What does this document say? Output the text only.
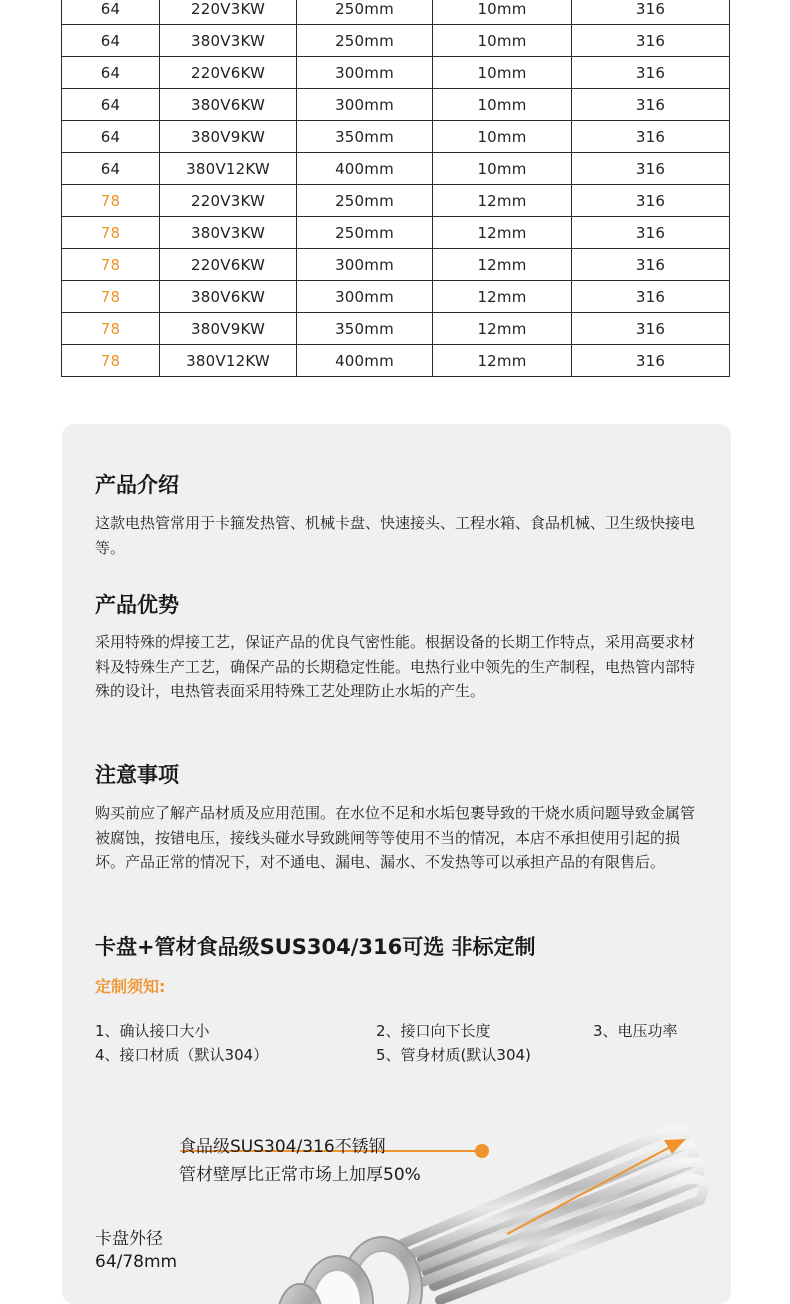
64	220V3KW	250mm	10mm	316
64	380V3KW	250mm	10mm	316
64	220V6KW	300mm	10mm	316
64	380V6KW	300mm	10mm	316
64	380V9KW	350mm	10mm	316
64	380V12KW	400mm	10mm	316
78	220V3KW	250mm	12mm	316
78	380V3KW	250mm	12mm	316
78	220V6KW	300mm	12mm	316
78	380V6KW	300mm	12mm	316
78	380V9KW	350mm	12mm	316
78	380V12KW	400mm	12mm	316
产品介绍

这款电热管常用于卡箍发热管、机械卡盘、快速接头、工程水箱、食品机械、卫生级快接电等。

产品优势

采用特殊的焊接工艺，保证产品的优良气密性能。根据设备的长期工作特点，采用高要求材料及特殊生产工艺，确保产品的长期稳定性能。电热行业中领先的生产制程，电热管内部特殊的设计，电热管表面采用特殊工艺处理防止水垢的产生。

注意事项

购买前应了解产品材质及应用范围。在水位不足和水垢包裹导致的干烧水质问题导致金属管被腐蚀，按错电压，接线头碰水导致跳闸等等使用不当的情况，本店不承担使用引起的损坏。产品正常的情况下，对不通电、漏电、漏水、不发热等可以承担产品的有限售后。

卡盘+管材食品级SUS304/316可选 非标定制
定制须知:
1、确认接口大小	2、接口向下长度	3、电压功率
4、接口材质（默认304）	5、管身材质(默认304)
食品级SUS304/316不锈钢
管材壁厚比正常市场上加厚50%
卡盘外径
64/78mm
